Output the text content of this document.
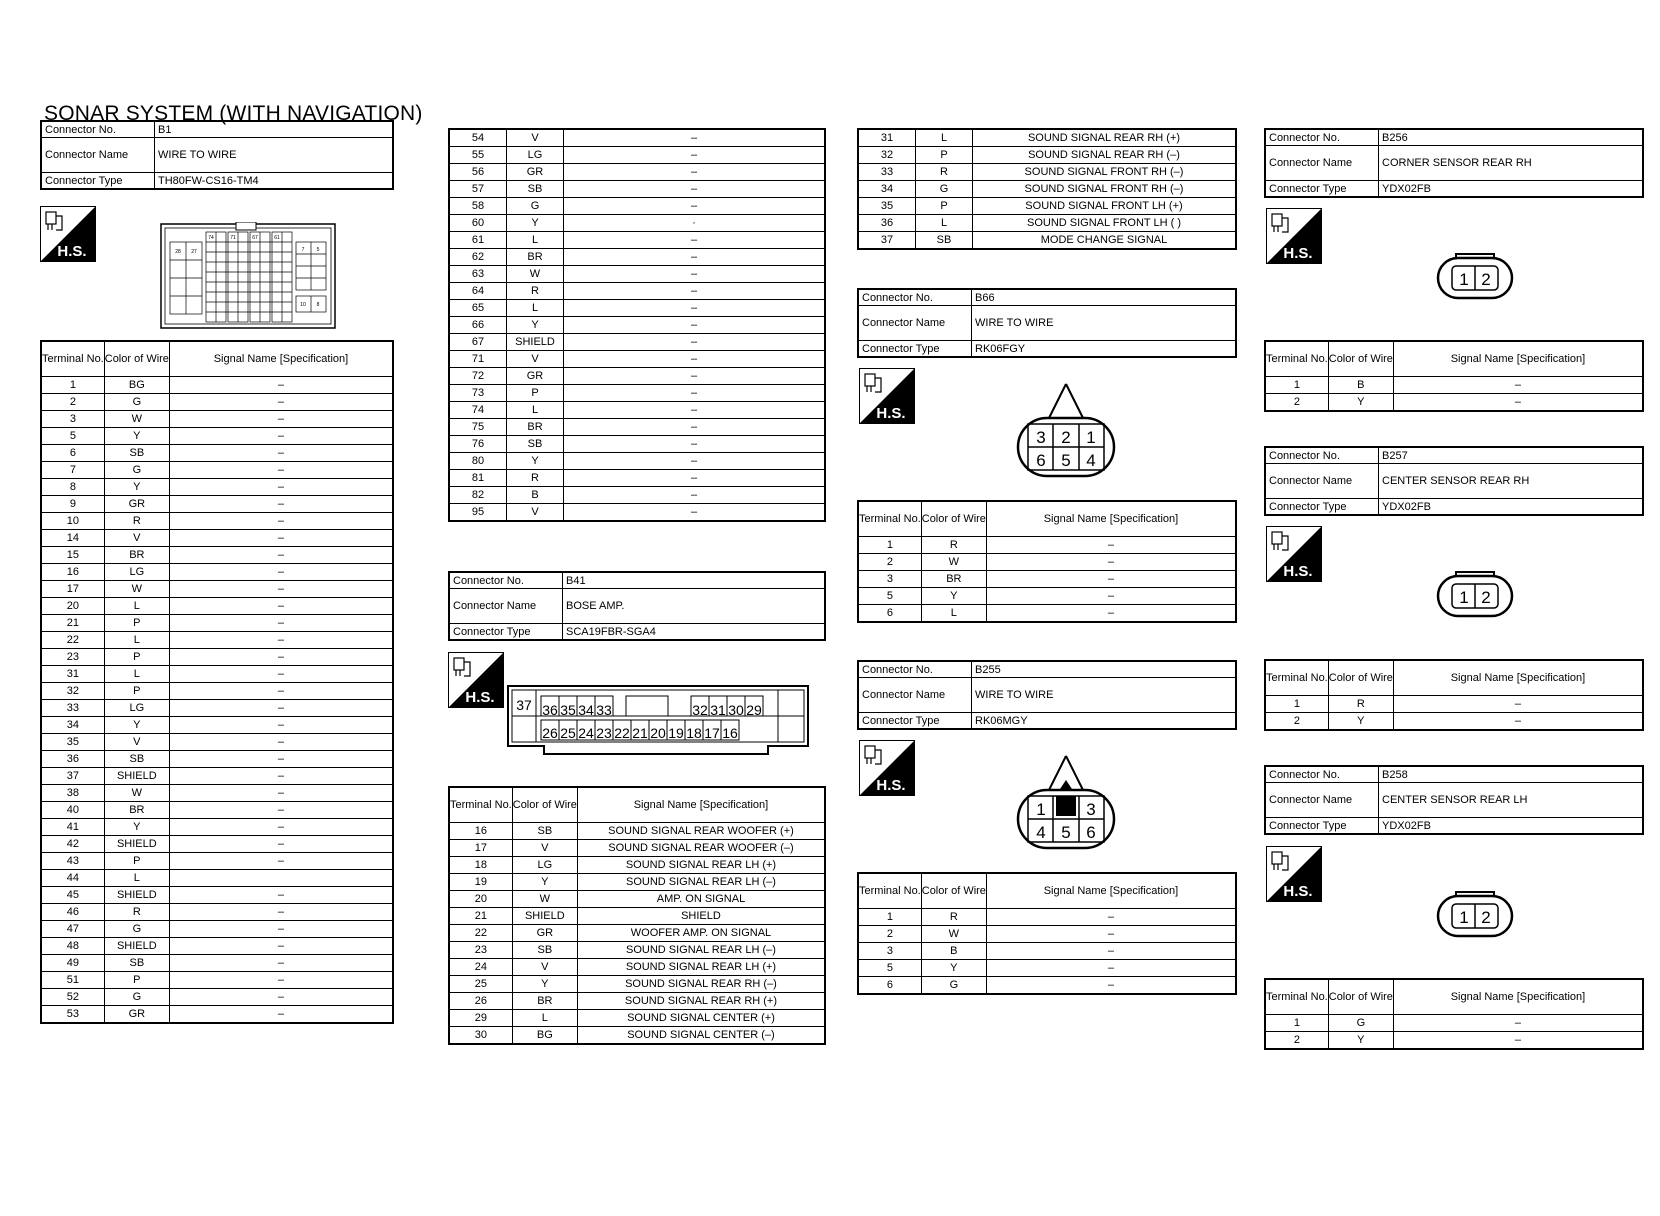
SONAR SYSTEM (WITH NAVIGATION)
Connector No.	B1
Connector Name	WIRE TO WIRE
Connector Type	TH80FW-CS16-TM4
H.S.	28 27
74	71	67	61
7 5
10 8
Terminal No.	Color of Wire	Signal Name [Specification]
1	BG	–
2	G	–
3	W	–
5	Y	–
6	SB	–
7	G	–
8	Y	–
9	GR	–
10	R	–
14	V	–
15	BR	–
16	LG	–
17	W	–
20	L	–
21	P	–
22	L	–
23	P	–
31	L	–
32	P	–
33	LG	–
34	Y	–
35	V	–
36	SB	–
37	SHIELD	–
38	W	–
40	BR	–
41	Y	–
42	SHIELD	–
43	P	–
44	L	
45	SHIELD	–
46	R	–
47	G	–
48	SHIELD	–
49	SB	–
51	P	–
52	G	–
53	GR	–
54	V	–
55	LG	–
56	GR	–
57	SB	–
58	G	–
60	Y	·
61	L	–
62	BR	–
63	W	–
64	R	–
65	L	–
66	Y	–
67	SHIELD	–
71	V	–
72	GR	–
73	P	–
74	L	–
75	BR	–
76	SB	–
80	Y	–
81	R	–
82	B	–
95	V	–
Connector No.	B41
Connector Name	BOSE AMP.
Connector Type	SCA19FBR-SGA4
H.S. 37 36 35 34 33	32 31 30 29
26 25 24 23 22 21 20 19 18 17 16
Terminal No.	Color of Wire	Signal Name [Specification]
16	SB	SOUND SIGNAL REAR WOOFER (+)
17	V	SOUND SIGNAL REAR WOOFER (–)
18	LG	SOUND SIGNAL REAR LH (+)
19	Y	SOUND SIGNAL REAR LH (–)
20	W	AMP. ON SIGNAL
21	SHIELD	SHIELD
22	GR	WOOFER AMP. ON SIGNAL
23	SB	SOUND SIGNAL REAR LH (–)
24	V	SOUND SIGNAL REAR LH (+)
25	Y	SOUND SIGNAL REAR RH (–)
26	BR	SOUND SIGNAL REAR RH (+)
29	L	SOUND SIGNAL CENTER (+)
30	BG	SOUND SIGNAL CENTER (–)
31	L	SOUND SIGNAL REAR RH (+)
32	P	SOUND SIGNAL REAR RH (–)
33	R	SOUND SIGNAL FRONT RH (–)
34	G	SOUND SIGNAL FRONT RH (–)
35	P	SOUND SIGNAL FRONT LH (+)
36	L	SOUND SIGNAL FRONT LH ( )
37	SB	MODE CHANGE SIGNAL
Connector No.	B66
Connector Name	WIRE TO WIRE
Connector Type	RK06FGY
H.S.
3 2 1
6 5 4
Terminal No.	Color of Wire	Signal Name [Specification]
1	R	–
2	W	–
3	BR	–
5	Y	–
6	L	–
Connector No.	B255
Connector Name	WIRE TO WIRE
Connector Type	RK06MGY
H.S.
1 2 3
4 5 6
Terminal No.	Color of Wire	Signal Name [Specification]
1	R	–
2	W	–
3	B	–
5	Y	–
6	G	–
Connector No.	B256
Connector Name	CORNER SENSOR REAR RH
Connector Type	YDX02FB
H.S.
1 2
Terminal No.	Color of Wire	Signal Name [Specification]
1	B	–
2	Y	–
Connector No.	B257
Connector Name	CENTER SENSOR REAR RH
Connector Type	YDX02FB
H.S.
1 2
Terminal No.	Color of Wire	Signal Name [Specification]
1	R	–
2	Y	–
Connector No.	B258
Connector Name	CENTER SENSOR REAR LH
Connector Type	YDX02FB
H.S.
1 2
Terminal No.	Color of Wire	Signal Name [Specification]
1	G	–
2	Y	–
